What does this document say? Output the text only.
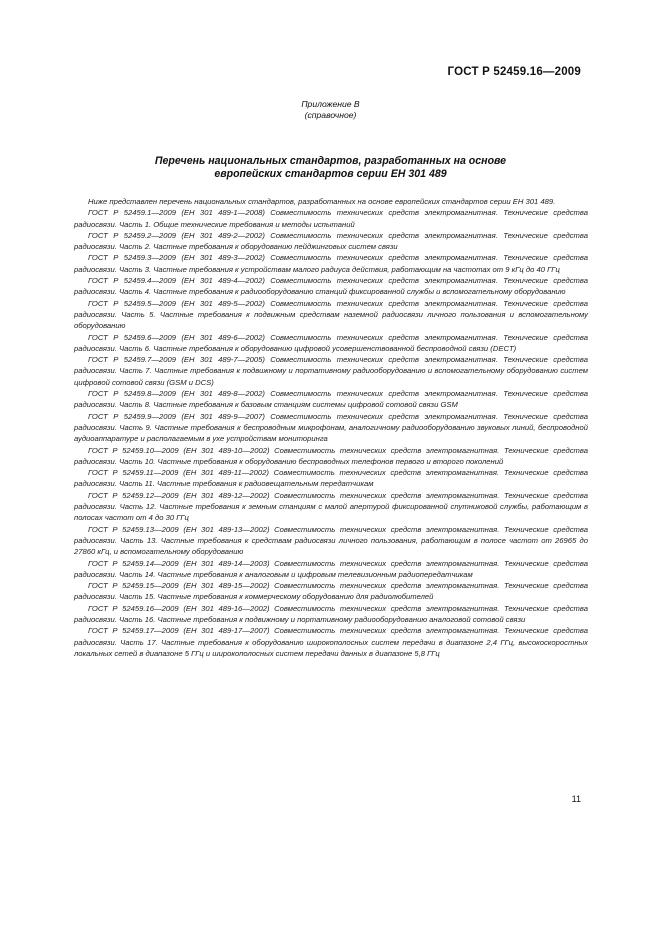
ГОСТ Р 52459.16—2009
Приложение В
(справочное)
Перечень национальных стандартов, разработанных на основе
европейских стандартов серии ЕН 301 489

Ниже представлен перечень национальных стандартов, разработанных на основе европейских стандартов серии ЕН 301 489.

ГОСТ Р 52459.1—2009 (ЕН 301 489-1—2008) Совместимость технических средств электромагнитная. Технические средства радиосвязи. Часть 1. Общие технические требования и методы испытаний

ГОСТ Р 52459.2—2009 (ЕН 301 489-2—2002) Совместимость технических средств электромагнитная. Технические средства радиосвязи. Часть 2. Частные требования к оборудованию пейджинговых систем связи

ГОСТ Р 52459.3—2009 (ЕН 301 489-3—2002) Совместимость технических средств электромагнитная. Технические средства радиосвязи. Часть 3. Частные требования к устройствам малого радиуса действия, работающим на частотах от 9 кГц до 40 ГГц

ГОСТ Р 52459.4—2009 (ЕН 301 489-4—2002) Совместимость технических средств электромагнитная. Технические средства радиосвязи. Часть 4. Частные требования к радиооборудованию станций фиксированной службы и вспомогательному оборудованию

ГОСТ Р 52459.5—2009 (ЕН 301 489-5—2002) Совместимость технических средств электромагнитная. Технические средства радиосвязи. Часть 5. Частные требования к подвижным средствам наземной радиосвязи личного пользования и вспомогательному оборудованию

ГОСТ Р 52459.6—2009 (ЕН 301 489-6—2002) Совместимость технических средств электромагнитная. Технические средства радиосвязи. Часть 6. Частные требования к оборудованию цифровой усовершенствованной беспроводной связи (DECT)

ГОСТ Р 52459.7—2009 (ЕН 301 489-7—2005) Совместимость технических средств электромагнитная. Технические средства радиосвязи. Часть 7. Частные требования к подвижному и портативному радиооборудованию и вспомогательному оборудованию систем цифровой сотовой связи (GSM и DCS)

ГОСТ Р 52459.8—2009 (ЕН 301 489-8—2002) Совместимость технических средств электромагнитная. Технические средства радиосвязи. Часть 8. Частные требования к базовым станциям системы цифровой сотовой связи GSM

ГОСТ Р 52459.9—2009 (ЕН 301 489-9—2007) Совместимость технических средств электромагнитная. Технические средства радиосвязи. Часть 9. Частные требования к беспроводным микрофонам, аналогичному радиооборудованию звуковых линий, беспроводной аудиоаппаратуре и располагаемым в ухе устройствам мониторинга

ГОСТ Р 52459.10—2009 (ЕН 301 489-10—2002) Совместимость технических средств электромагнитная. Технические средства радиосвязи. Часть 10. Частные требования к оборудованию беспроводных телефонов первого и второго поколений

ГОСТ Р 52459.11—2009 (ЕН 301 489-11—2002) Совместимость технических средств электромагнитная. Технические средства радиосвязи. Часть 11. Частные требования к радиовещательным передатчикам

ГОСТ Р 52459.12—2009 (ЕН 301 489-12—2002) Совместимость технических средств электромагнитная. Технические средства радиосвязи. Часть 12. Частные требования к земным станциям с малой апертурой фиксированной спутниковой службы, работающим в полосах частот от 4 до 30 ГГц

ГОСТ Р 52459.13—2009 (ЕН 301 489-13—2002) Совместимость технических средств электромагнитная. Технические средства радиосвязи. Часть 13. Частные требования к средствам радиосвязи личного пользования, работающим в полосе частот от 26965 до 27860 кГц, и вспомогательному оборудованию

ГОСТ Р 52459.14—2009 (ЕН 301 489-14—2003) Совместимость технических средств электромагнитная. Технические средства радиосвязи. Часть 14. Частные требования к аналоговым и цифровым телевизионным радиопередатчикам

ГОСТ Р 52459.15—2009 (ЕН 301 489-15—2002) Совместимость технических средств электромагнитная. Технические средства радиосвязи. Часть 15. Частные требования к коммерческому оборудованию для радиолюбителей

ГОСТ Р 52459.16—2009 (ЕН 301 489-16—2002) Совместимость технических средств электромагнитная. Технические средства радиосвязи. Часть 16. Частные требования к подвижному и портативному радиооборудованию аналоговой сотовой связи

ГОСТ Р 52459.17—2009 (ЕН 301 489-17—2007) Совместимость технических средств электромагнитная. Технические средства радиосвязи. Часть 17. Частные требования к оборудованию широкополосных систем передачи в диапазоне 2,4 ГГц, высокоскоростных локальных сетей в диапазоне 5 ГГц и широкополосных систем передачи данных в диапазоне 5,8 ГГц

11
